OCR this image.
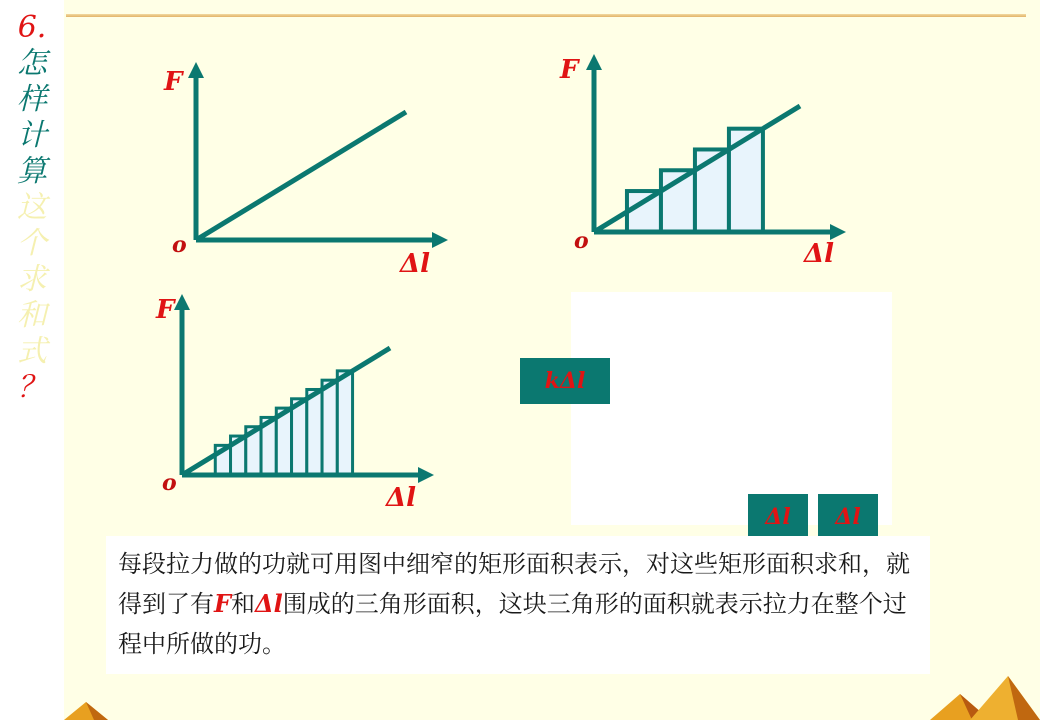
6.
怎
样
计
算
这
个
求
和
式
？
F
o
Δl
F
o	Δl
F
o	Δl
kΔl
Δl	Δl
每段拉力做的功就可用图中细窄的矩形面积表示，对这些矩形面积求和，就得到了有F和Δl围成的三角形面积，这块三角形的面积就表示拉力在整个过程中所做的功。
